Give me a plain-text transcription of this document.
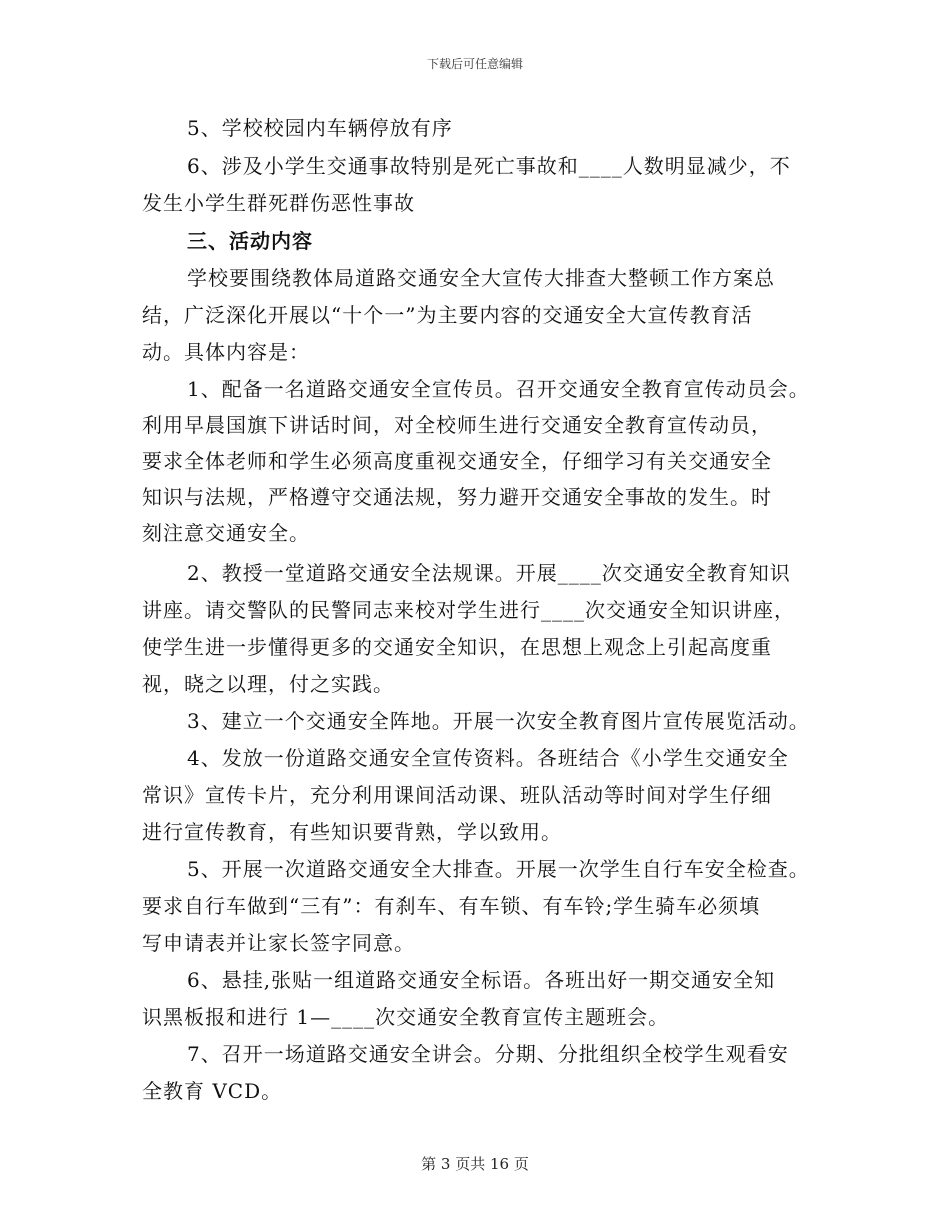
下载后可任意编辑
5、学校校园内车辆停放有序
6、涉及小学生交通事故特别是死亡事故和____人数明显减少，不
发生小学生群死群伤恶性事故
三、活动内容
学校要围绕教体局道路交通安全大宣传大排查大整顿工作方案总
结，广泛深化开展以“十个一”为主要内容的交通安全大宣传教育活
动。具体内容是：
1、配备一名道路交通安全宣传员。召开交通安全教育宣传动员会。
利用早晨国旗下讲话时间，对全校师生进行交通安全教育宣传动员，
要求全体老师和学生必须高度重视交通安全，仔细学习有关交通安全
知识与法规，严格遵守交通法规，努力避开交通安全事故的发生。时
刻注意交通安全。
2、教授一堂道路交通安全法规课。开展____次交通安全教育知识
讲座。请交警队的民警同志来校对学生进行____次交通安全知识讲座，
使学生进一步懂得更多的交通安全知识，在思想上观念上引起高度重
视，晓之以理，付之实践。
3、建立一个交通安全阵地。开展一次安全教育图片宣传展览活动。
4、发放一份道路交通安全宣传资料。各班结合《小学生交通安全
常识》宣传卡片，充分利用课间活动课、班队活动等时间对学生仔细
进行宣传教育，有些知识要背熟，学以致用。
5、开展一次道路交通安全大排查。开展一次学生自行车安全检查。
要求自行车做到“三有”：有刹车、有车锁、有车铃;学生骑车必须填
写申请表并让家长签字同意。
6、悬挂,张贴一组道路交通安全标语。各班出好一期交通安全知
识黑板报和进行 1—____次交通安全教育宣传主题班会。
7、召开一场道路交通安全讲会。分期、分批组织全校学生观看安
全教育 VCD。
第 3 页共 16 页
